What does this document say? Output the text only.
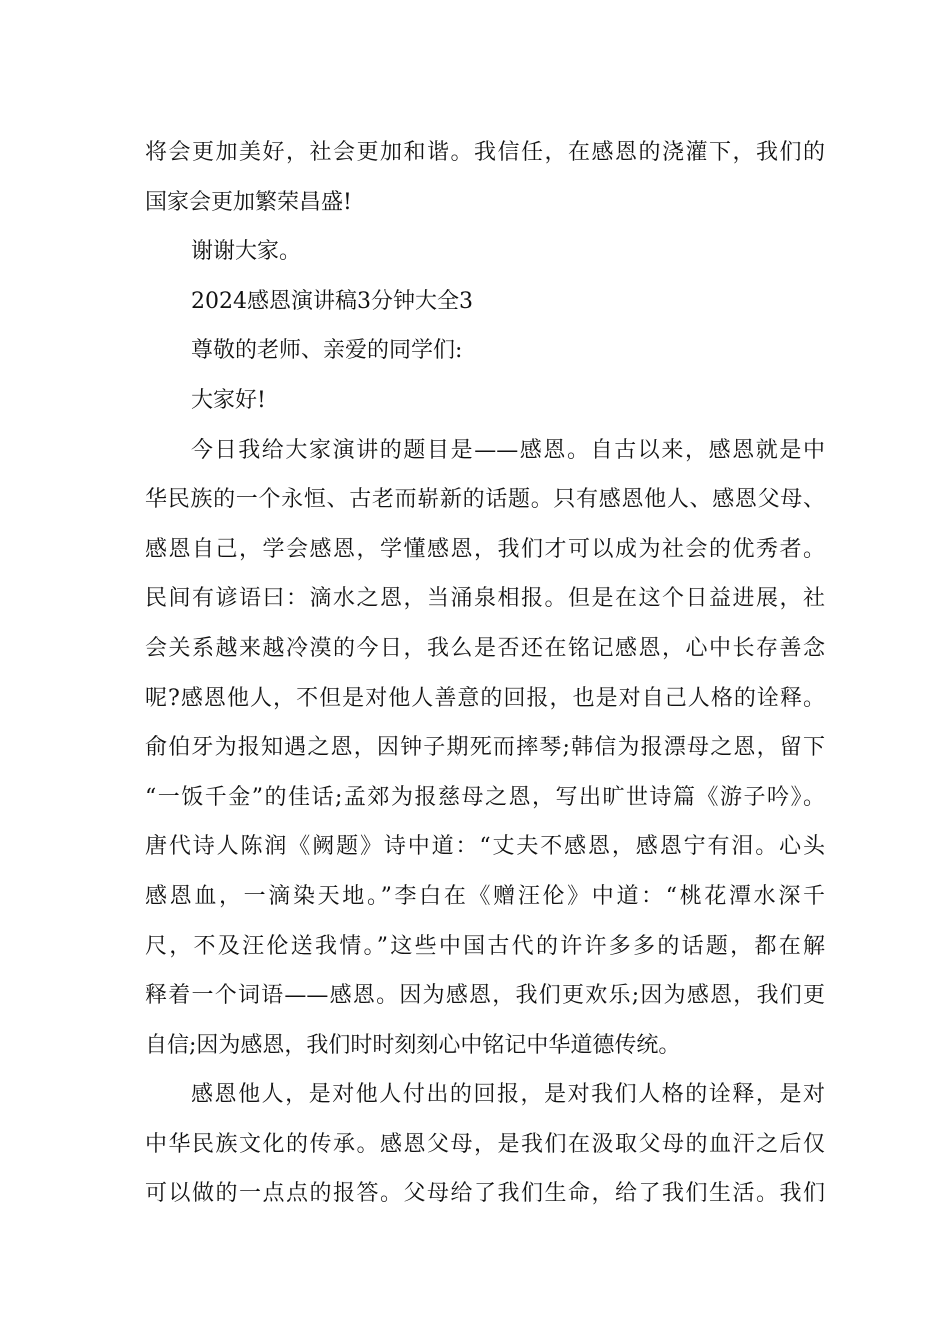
将会更加美好，社会更加和谐。我信任，在感恩的浇灌下，我们的
国家会更加繁荣昌盛!
谢谢大家。
2024感恩演讲稿3分钟大全3
尊敬的老师、亲爱的同学们:
大家好!
今日我给大家演讲的题目是——感恩。自古以来，感恩就是中
华民族的一个永恒、古老而崭新的话题。只有感恩他人、感恩父母、
感恩自己，学会感恩，学懂感恩，我们才可以成为社会的优秀者。
民间有谚语曰：滴水之恩，当涌泉相报。但是在这个日益进展，社
会关系越来越冷漠的今日，我么是否还在铭记感恩，心中长存善念
呢?感恩他人，不但是对他人善意的回报，也是对自己人格的诠释。
俞伯牙为报知遇之恩，因钟子期死而摔琴;韩信为报漂母之恩，留下
“一饭千金”的佳话;孟郊为报慈母之恩，写出旷世诗篇《游子吟》。
唐代诗人陈润《阙题》诗中道：“丈夫不感恩，感恩宁有泪。心头
感恩血，一滴染天地。”李白在《赠汪伦》中道：“桃花潭水深千
尺，不及汪伦送我情。”这些中国古代的许许多多的话题，都在解
释着一个词语——感恩。因为感恩，我们更欢乐;因为感恩，我们更
自信;因为感恩，我们时时刻刻心中铭记中华道德传统。
感恩他人，是对他人付出的回报，是对我们人格的诠释，是对
中华民族文化的传承。感恩父母，是我们在汲取父母的血汗之后仅
可以做的一点点的报答。父母给了我们生命，给了我们生活。我们
